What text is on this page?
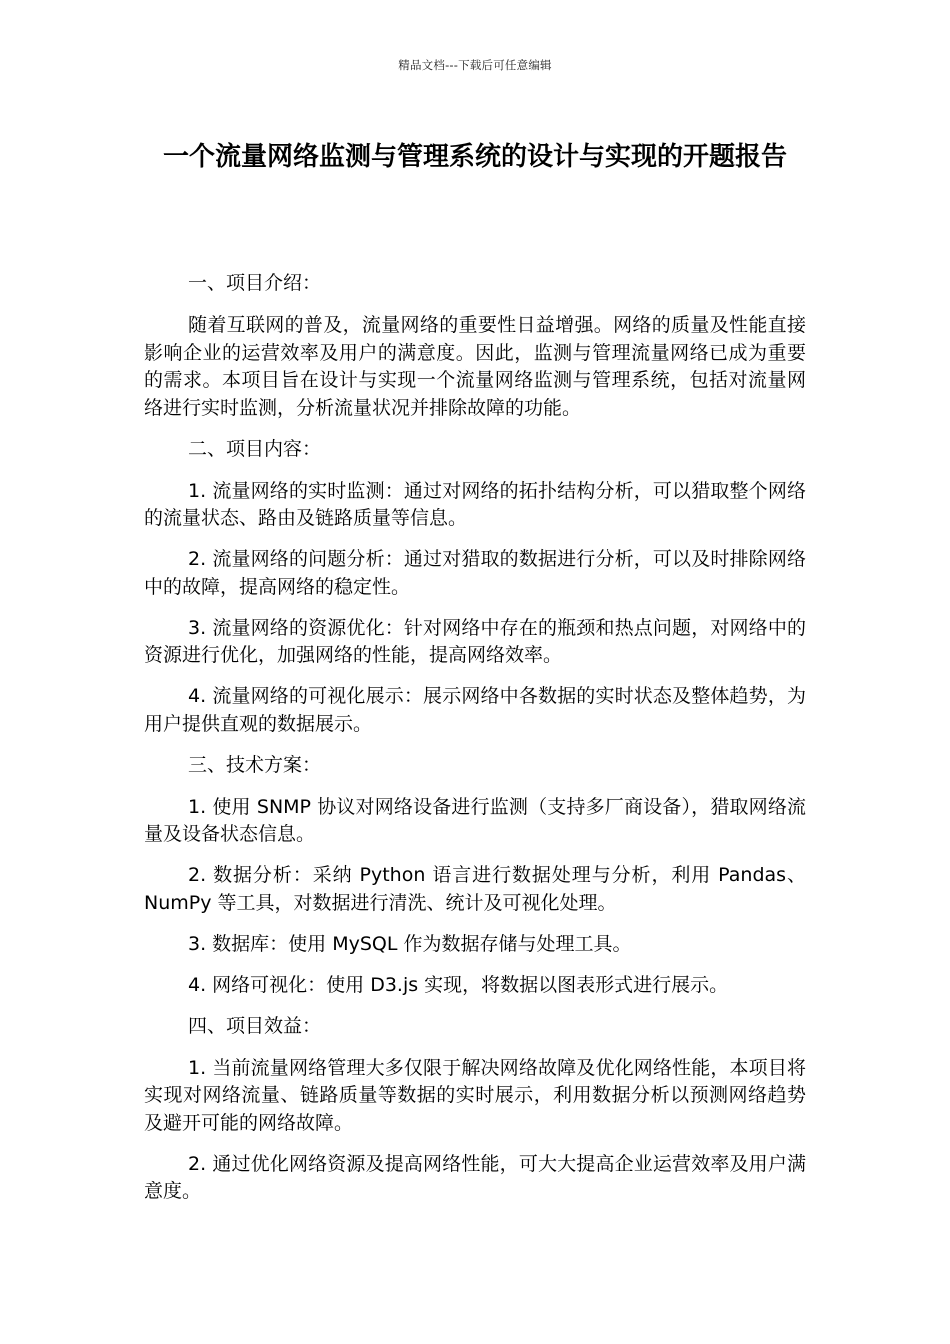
精品文档---下载后可任意编辑
一个流量网络监测与管理系统的设计与实现的开题报告

一、项目介绍：

随着互联网的普及，流量网络的重要性日益增强。网络的质量及性能直接影响企业的运营效率及用户的满意度。因此，监测与管理流量网络已成为重要的需求。本项目旨在设计与实现一个流量网络监测与管理系统，包括对流量网络进行实时监测，分析流量状况并排除故障的功能。

二、项目内容：

1. 流量网络的实时监测：通过对网络的拓扑结构分析，可以猎取整个网络的流量状态、路由及链路质量等信息。

2. 流量网络的问题分析：通过对猎取的数据进行分析，可以及时排除网络中的故障，提高网络的稳定性。

3. 流量网络的资源优化：针对网络中存在的瓶颈和热点问题，对网络中的资源进行优化，加强网络的性能，提高网络效率。

4. 流量网络的可视化展示：展示网络中各数据的实时状态及整体趋势，为用户提供直观的数据展示。

三、技术方案：

1. 使用 SNMP 协议对网络设备进行监测（支持多厂商设备），猎取网络流量及设备状态信息。

2. 数据分析：采纳 Python 语言进行数据处理与分析，利用 Pandas、NumPy 等工具，对数据进行清洗、统计及可视化处理。

3. 数据库：使用 MySQL 作为数据存储与处理工具。

4. 网络可视化：使用 D3.js 实现，将数据以图表形式进行展示。

四、项目效益：

1. 当前流量网络管理大多仅限于解决网络故障及优化网络性能，本项目将实现对网络流量、链路质量等数据的实时展示，利用数据分析以预测网络趋势及避开可能的网络故障。

2. 通过优化网络资源及提高网络性能，可大大提高企业运营效率及用户满意度。
